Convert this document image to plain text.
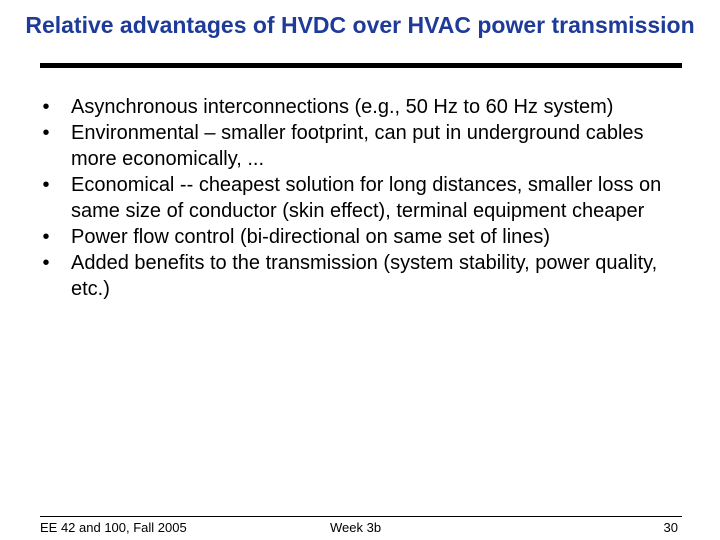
Relative advantages of HVDC over HVAC power transmission
• Asynchronous interconnections (e.g., 50 Hz to 60 Hz system)
• Environmental – smaller footprint, can put in underground cables more economically, ...
• Economical -- cheapest solution for long distances, smaller loss on same size of conductor (skin effect), terminal equipment cheaper
• Power flow control (bi-directional on same set of lines)
• Added benefits to the transmission (system stability, power quality, etc.)
EE 42 and 100, Fall 2005	Week 3b	30
